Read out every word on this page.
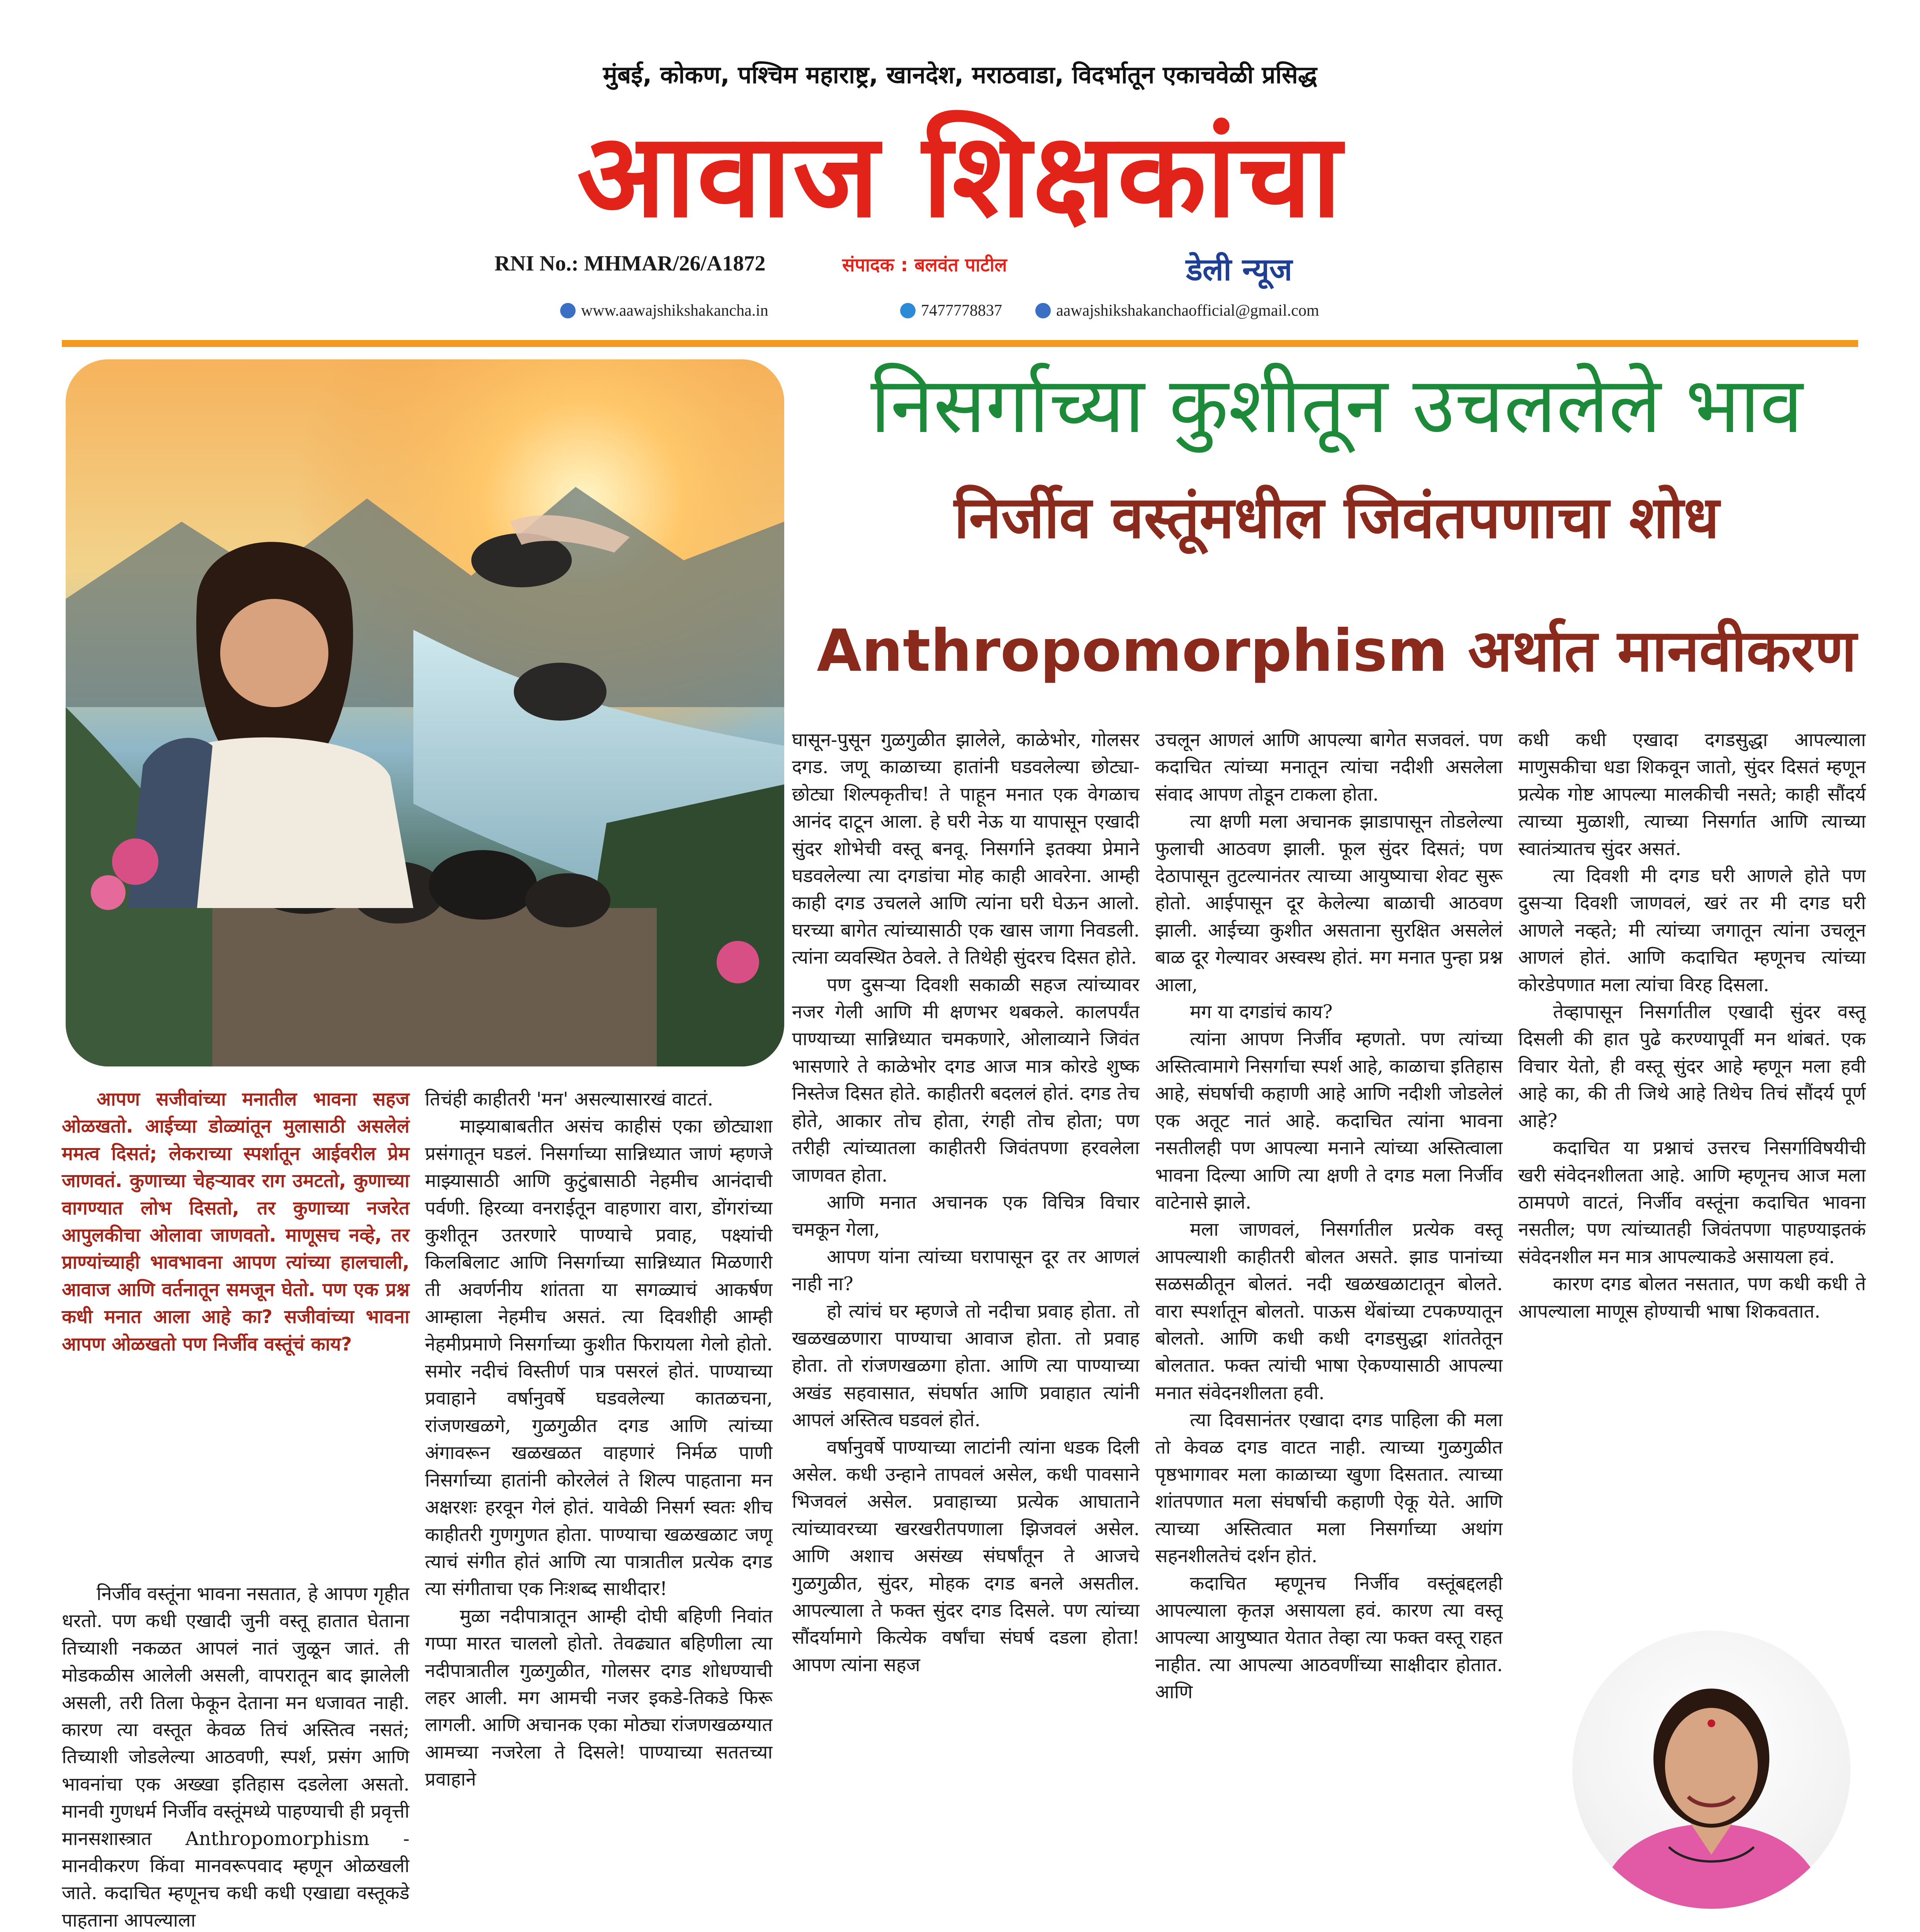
मुंबई, कोकण, पश्चिम महाराष्ट्र, खानदेश, मराठवाडा, विदर्भातून एकाचवेळी प्रसिद्ध
आवाज शिक्षकांचा
RNI No.: MHMAR/26/A1872	संपादक : बलवंत पाटील	डेली न्यूज
www.aawajshikshakancha.in	7477778837	aawajshikshakanchaofficial@gmail.com
निसर्गाच्या कुशीतून उचललेले भाव
निर्जीव वस्तूंमधील जिवंतपणाचा शोध
Anthropomorphism अर्थात मानवीकरण
आपण सजीवांच्या मनातील भावना सहज ओळखतो. आईच्या डोळ्यांतून मुलासाठी असलेलं ममत्व दिसतं; लेकराच्या स्पर्शातून आईवरील प्रेम जाणवतं. कुणाच्या चेहऱ्यावर राग उमटतो, कुणाच्या वागण्यात लोभ दिसतो, तर कुणाच्या नजरेत आपुलकीचा ओलावा जाणवतो. माणूसच नव्हे, तर प्राण्यांच्याही भावभावना आपण त्यांच्या हालचाली, आवाज आणि वर्तनातून समजून घेतो. पण एक प्रश्न कधी मनात आला आहे का? सजीवांच्या भावना आपण ओळखतो पण निर्जीव वस्तूंचं काय?

निर्जीव वस्तूंना भावना नसतात, हे आपण गृहीत धरतो. पण कधी एखादी जुनी वस्तू हातात घेताना तिच्याशी नकळत आपलं नातं जुळून जातं. ती मोडकळीस आलेली असली, वापरातून बाद झालेली असली, तरी तिला फेकून देताना मन धजावत नाही. कारण त्या वस्तूत केवळ तिचं अस्तित्व नसतं; तिच्याशी जोडलेल्या आठवणी, स्पर्श, प्रसंग आणि भावनांचा एक अख्खा इतिहास दडलेला असतो. मानवी गुणधर्म निर्जीव वस्तूंमध्ये पाहण्याची ही प्रवृत्ती मानसशास्त्रात Anthropomorphism - मानवीकरण किंवा मानवरूपवाद म्हणून ओळखली जाते. कदाचित म्हणूनच कधी कधी एखाद्या वस्तूकडे पाहताना आपल्याला

तिचंही काहीतरी 'मन' असल्यासारखं वाटतं.

माझ्याबाबतीत असंच काहीसं एका छोट्याशा प्रसंगातून घडलं. निसर्गाच्या सान्निध्यात जाणं म्हणजे माझ्यासाठी आणि कुटुंबासाठी नेहमीच आनंदाची पर्वणी. हिरव्या वनराईतून वाहणारा वारा, डोंगरांच्या कुशीतून उतरणारे पाण्याचे प्रवाह, पक्ष्यांची किलबिलाट आणि निसर्गाच्या सान्निध्यात मिळणारी ती अवर्णनीय शांतता या सगळ्याचं आकर्षण आम्हाला नेहमीच असतं. त्या दिवशीही आम्ही नेहमीप्रमाणे निसर्गाच्या कुशीत फिरायला गेलो होतो. समोर नदीचं विस्तीर्ण पात्र पसरलं होतं. पाण्याच्या प्रवाहाने वर्षानुवर्षे घडवलेल्या कातळचना, रांजणखळगे, गुळगुळीत दगड आणि त्यांच्या अंगावरून खळखळत वाहणारं निर्मळ पाणी निसर्गाच्या हातांनी कोरलेलं ते शिल्प पाहताना मन अक्षरशः हरवून गेलं होतं. यावेळी निसर्ग स्वतः शीच काहीतरी गुणगुणत होता. पाण्याचा खळखळाट जणू त्याचं संगीत होतं आणि त्या पात्रातील प्रत्येक दगड त्या संगीताचा एक निःशब्द साथीदार!

मुळा नदीपात्रातून आम्ही दोघी बहिणी निवांत गप्पा मारत चाललो होतो. तेवढ्यात बहिणीला त्या नदीपात्रातील गुळगुळीत, गोलसर दगड शोधण्याची लहर आली. मग आमची नजर इकडे-तिकडे फिरू लागली. आणि अचानक एका मोठ्या रांजणखळग्यात आमच्या नजरेला ते दिसले! पाण्याच्या सततच्या प्रवाहाने

घासून-पुसून गुळगुळीत झालेले, काळेभोर, गोलसर दगड. जणू काळाच्या हातांनी घडवलेल्या छोट्या-छोट्या शिल्पकृतीच! ते पाहून मनात एक वेगळाच आनंद दाटून आला. हे घरी नेऊ या यापासून एखादी सुंदर शोभेची वस्तू बनवू. निसर्गाने इतक्या प्रेमाने घडवलेल्या त्या दगडांचा मोह काही आवरेना. आम्ही काही दगड उचलले आणि त्यांना घरी घेऊन आलो. घरच्या बागेत त्यांच्यासाठी एक खास जागा निवडली. त्यांना व्यवस्थित ठेवले. ते तिथेही सुंदरच दिसत होते.

पण दुसऱ्या दिवशी सकाळी सहज त्यांच्यावर नजर गेली आणि मी क्षणभर थबकले. कालपर्यंत पाण्याच्या सान्निध्यात चमकणारे, ओलाव्याने जिवंत भासणारे ते काळेभोर दगड आज मात्र कोरडे शुष्क निस्तेज दिसत होते. काहीतरी बदललं होतं. दगड तेच होते, आकार तोच होता, रंगही तोच होता; पण तरीही त्यांच्यातला काहीतरी जिवंतपणा हरवलेला जाणवत होता.

आणि मनात अचानक एक विचित्र विचार चमकून गेला,

आपण यांना त्यांच्या घरापासून दूर तर आणलं नाही ना?

हो त्यांचं घर म्हणजे तो नदीचा प्रवाह होता. तो खळखळणारा पाण्याचा आवाज होता. तो प्रवाह होता. तो रांजणखळगा होता. आणि त्या पाण्याच्या अखंड सहवासात, संघर्षात आणि प्रवाहात त्यांनी आपलं अस्तित्व घडवलं होतं.

वर्षानुवर्षे पाण्याच्या लाटांनी त्यांना धडक दिली असेल. कधी उन्हाने तापवलं असेल, कधी पावसाने भिजवलं असेल. प्रवाहाच्या प्रत्येक आघाताने त्यांच्यावरच्या खरखरीतपणाला झिजवलं असेल. आणि अशाच असंख्य संघर्षांतून ते आजचे गुळगुळीत, सुंदर, मोहक दगड बनले असतील. आपल्याला ते फक्त सुंदर दगड दिसले. पण त्यांच्या सौंदर्यामागे कित्येक वर्षांचा संघर्ष दडला होता! आपण त्यांना सहज

उचलून आणलं आणि आपल्या बागेत सजवलं. पण कदाचित त्यांच्या मनातून त्यांचा नदीशी असलेला संवाद आपण तोडून टाकला होता.

त्या क्षणी मला अचानक झाडापासून तोडलेल्या फुलाची आठवण झाली. फूल सुंदर दिसतं; पण देठापासून तुटल्यानंतर त्याच्या आयुष्याचा शेवट सुरू होतो. आईपासून दूर केलेल्या बाळाची आठवण झाली. आईच्या कुशीत असताना सुरक्षित असलेलं बाळ दूर गेल्यावर अस्वस्थ होतं. मग मनात पुन्हा प्रश्न आला,

मग या दगडांचं काय?

त्यांना आपण निर्जीव म्हणतो. पण त्यांच्या अस्तित्वामागे निसर्गाचा स्पर्श आहे, काळाचा इतिहास आहे, संघर्षाची कहाणी आहे आणि नदीशी जोडलेलं एक अतूट नातं आहे. कदाचित त्यांना भावना नसतीलही पण आपल्या मनाने त्यांच्या अस्तित्वाला भावना दिल्या आणि त्या क्षणी ते दगड मला निर्जीव वाटेनासे झाले.

मला जाणवलं, निसर्गातील प्रत्येक वस्तू आपल्याशी काहीतरी बोलत असते. झाड पानांच्या सळसळीतून बोलतं. नदी खळखळाटातून बोलते. वारा स्पर्शातून बोलतो. पाऊस थेंबांच्या टपकण्यातून बोलतो. आणि कधी कधी दगडसुद्धा शांततेतून बोलतात. फक्त त्यांची भाषा ऐकण्यासाठी आपल्या मनात संवेदनशीलता हवी.

त्या दिवसानंतर एखादा दगड पाहिला की मला तो केवळ दगड वाटत नाही. त्याच्या गुळगुळीत पृष्ठभागावर मला काळाच्या खुणा दिसतात. त्याच्या शांतपणात मला संघर्षाची कहाणी ऐकू येते. आणि त्याच्या अस्तित्वात मला निसर्गाच्या अथांग सहनशीलतेचं दर्शन होतं.

कदाचित म्हणूनच निर्जीव वस्तूंबद्दलही आपल्याला कृतज्ञ असायला हवं. कारण त्या वस्तू आपल्या आयुष्यात येतात तेव्हा त्या फक्त वस्तू राहत नाहीत. त्या आपल्या आठवणींच्या साक्षीदार होतात. आणि

कधी कधी एखादा दगडसुद्धा आपल्याला माणुसकीचा धडा शिकवून जातो, सुंदर दिसतं म्हणून प्रत्येक गोष्ट आपल्या मालकीची नसते; काही सौंदर्य त्याच्या मुळाशी, त्याच्या निसर्गात आणि त्याच्या स्वातंत्र्यातच सुंदर असतं.

त्या दिवशी मी दगड घरी आणले होते पण दुसऱ्या दिवशी जाणवलं, खरं तर मी दगड घरी आणले नव्हते; मी त्यांच्या जगातून त्यांना उचलून आणलं होतं. आणि कदाचित म्हणूनच त्यांच्या कोरडेपणात मला त्यांचा विरह दिसला.

तेव्हापासून निसर्गातील एखादी सुंदर वस्तू दिसली की हात पुढे करण्यापूर्वी मन थांबतं. एक विचार येतो, ही वस्तू सुंदर आहे म्हणून मला हवी आहे का, की ती जिथे आहे तिथेच तिचं सौंदर्य पूर्ण आहे?

कदाचित या प्रश्नाचं उत्तरच निसर्गाविषयीची खरी संवेदनशीलता आहे. आणि म्हणूनच आज मला ठामपणे वाटतं, निर्जीव वस्तूंना कदाचित भावना नसतील; पण त्यांच्यातही जिवंतपणा पाहण्याइतकं संवेदनशील मन मात्र आपल्याकडे असायला हवं.

कारण दगड बोलत नसतात, पण कधी कधी ते आपल्याला माणूस होण्याची भाषा शिकवतात.
